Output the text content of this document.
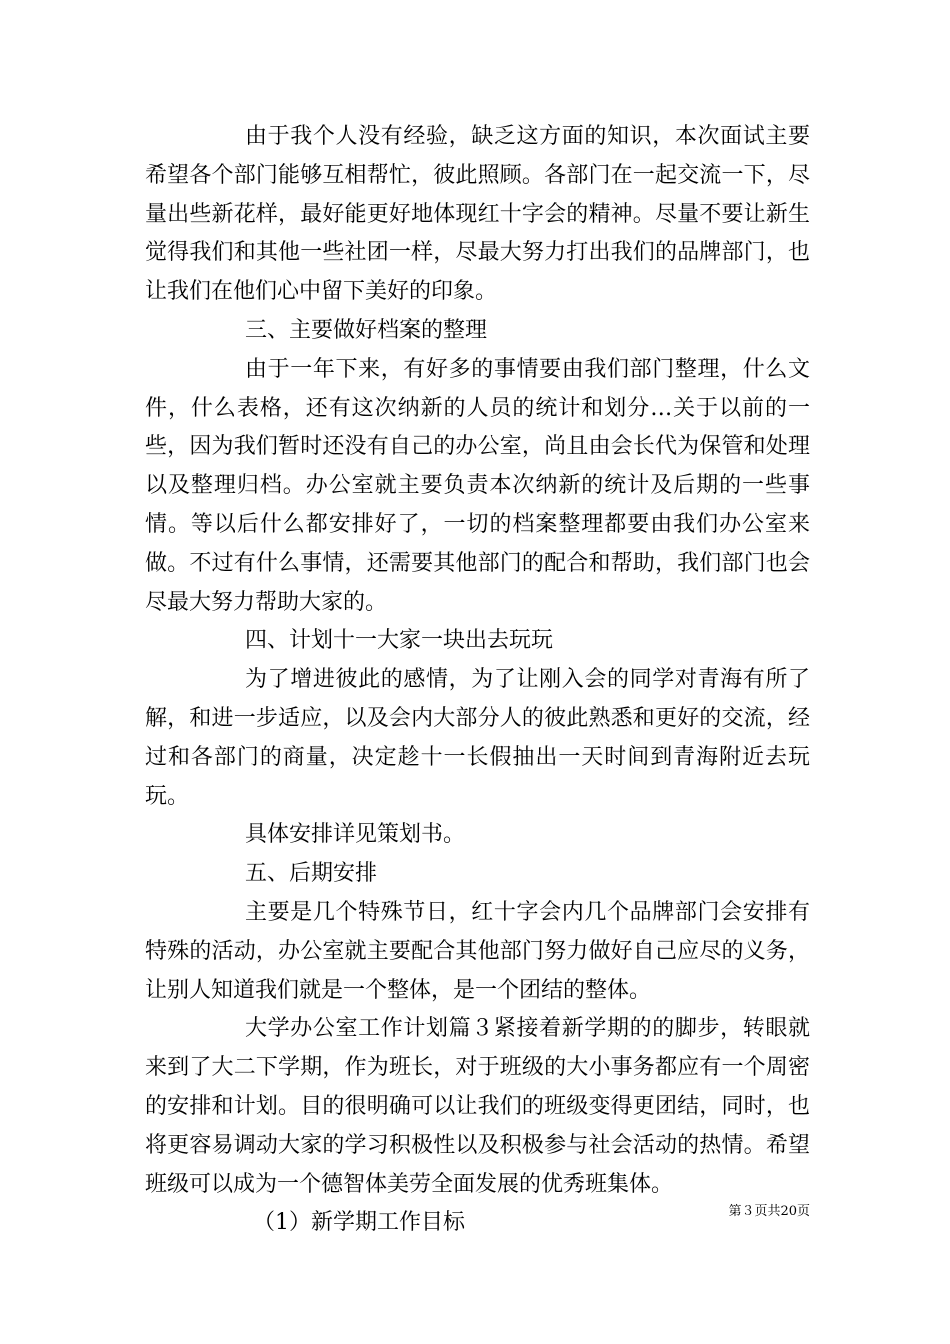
由于我个人没有经验，缺乏这方面的知识，本次面试主要希望各个部门能够互相帮忙，彼此照顾。各部门在一起交流一下，尽量出些新花样，最好能更好地体现红十字会的精神。尽量不要让新生觉得我们和其他一些社团一样，尽最大努力打出我们的品牌部门，也让我们在他们心中留下美好的印象。

三、主要做好档案的整理

由于一年下来，有好多的事情要由我们部门整理，什么文件，什么表格，还有这次纳新的人员的统计和划分…关于以前的一些，因为我们暂时还没有自己的办公室，尚且由会长代为保管和处理以及整理归档。办公室就主要负责本次纳新的统计及后期的一些事情。等以后什么都安排好了，一切的档案整理都要由我们办公室来做。不过有什么事情，还需要其他部门的配合和帮助，我们部门也会尽最大努力帮助大家的。

四、计划十一大家一块出去玩玩

为了增进彼此的感情，为了让刚入会的同学对青海有所了解，和进一步适应，以及会内大部分人的彼此熟悉和更好的交流，经过和各部门的商量，决定趁十一长假抽出一天时间到青海附近去玩玩。

具体安排详见策划书。

五、后期安排

主要是几个特殊节日，红十字会内几个品牌部门会安排有特殊的活动，办公室就主要配合其他部门努力做好自己应尽的义务，让别人知道我们就是一个整体，是一个团结的整体。

大学办公室工作计划篇３紧接着新学期的的脚步，转眼就来到了大二下学期，作为班长，对于班级的大小事务都应有一个周密的安排和计划。目的很明确可以让我们的班级变得更团结，同时，也将更容易调动大家的学习积极性以及积极参与社会活动的热情。希望班级可以成为一个德智体美劳全面发展的优秀班集体。

（1）新学期工作目标	第３页共20页
